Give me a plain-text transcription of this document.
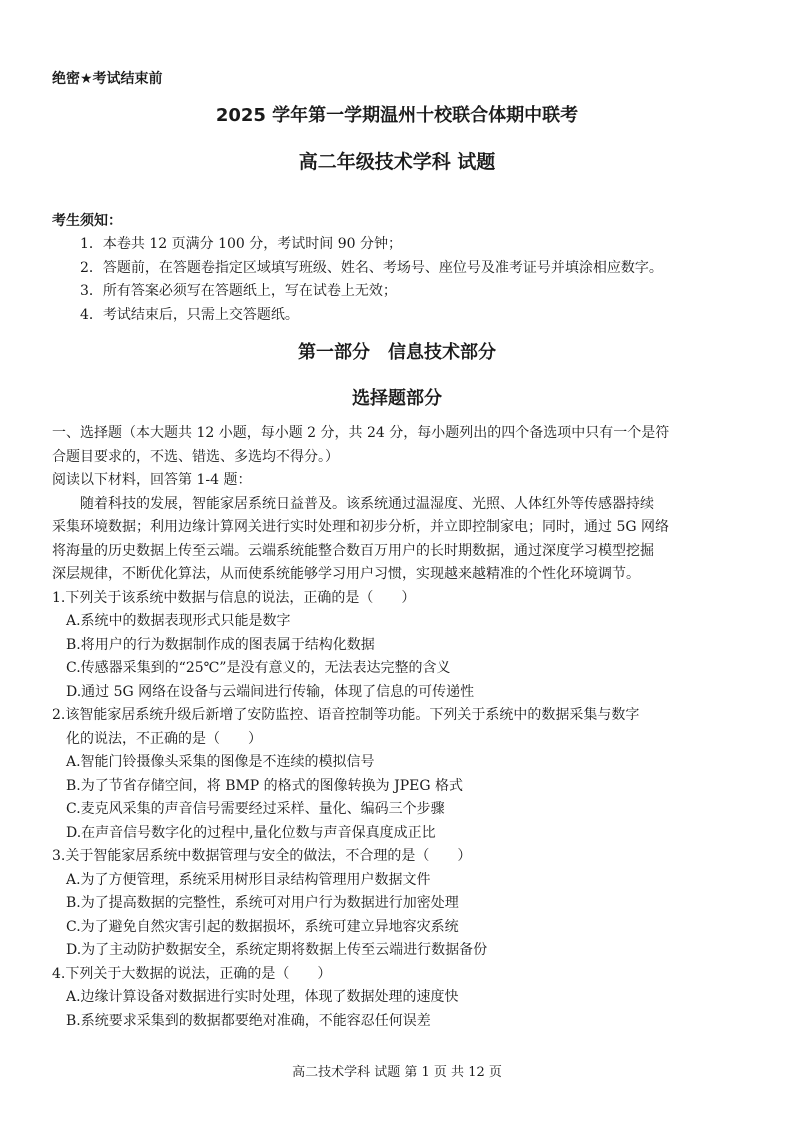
绝密★考试结束前
2025 学年第一学期温州十校联合体期中联考
高二年级技术学科 试题
考生须知：
1．本卷共 12 页满分 100 分，考试时间 90 分钟；
2．答题前，在答题卷指定区域填写班级、姓名、考场号、座位号及准考证号并填涂相应数字。
3．所有答案必须写在答题纸上，写在试卷上无效；
4．考试结束后，只需上交答题纸。
第一部分　信息技术部分
选择题部分
一、选择题（本大题共 12 小题，每小题 2 分，共 24 分，每小题列出的四个备选项中只有一个是符
合题目要求的，不选、错选、多选均不得分。）
阅读以下材料，回答第 1-4 题：
随着科技的发展，智能家居系统日益普及。该系统通过温湿度、光照、人体红外等传感器持续
采集环境数据；利用边缘计算网关进行实时处理和初步分析，并立即控制家电；同时，通过 5G 网络
将海量的历史数据上传至云端。云端系统能整合数百万用户的长时期数据，通过深度学习模型挖掘
深层规律，不断优化算法，从而使系统能够学习用户习惯，实现越来越精准的个性化环境调节。
1.下列关于该系统中数据与信息的说法，正确的是（　　）
A.系统中的数据表现形式只能是数字
B.将用户的行为数据制作成的图表属于结构化数据
C.传感器采集到的“25℃”是没有意义的，无法表达完整的含义
D.通过 5G 网络在设备与云端间进行传输，体现了信息的可传递性
2.该智能家居系统升级后新增了安防监控、语音控制等功能。下列关于系统中的数据采集与数字
化的说法，不正确的是（　　）
A.智能门铃摄像头采集的图像是不连续的模拟信号
B.为了节省存储空间，将 BMP 的格式的图像转换为 JPEG 格式
C.麦克风采集的声音信号需要经过采样、量化、编码三个步骤
D.在声音信号数字化的过程中,量化位数与声音保真度成正比
3.关于智能家居系统中数据管理与安全的做法，不合理的是（　　）
A.为了方便管理，系统采用树形目录结构管理用户数据文件
B.为了提高数据的完整性，系统可对用户行为数据进行加密处理
C.为了避免自然灾害引起的数据损坏，系统可建立异地容灾系统
D.为了主动防护数据安全，系统定期将数据上传至云端进行数据备份
4.下列关于大数据的说法，正确的是（　　）
A.边缘计算设备对数据进行实时处理，体现了数据处理的速度快
B.系统要求采集到的数据都要绝对准确，不能容忍任何误差
高二技术学科 试题 第 1 页 共 12 页
